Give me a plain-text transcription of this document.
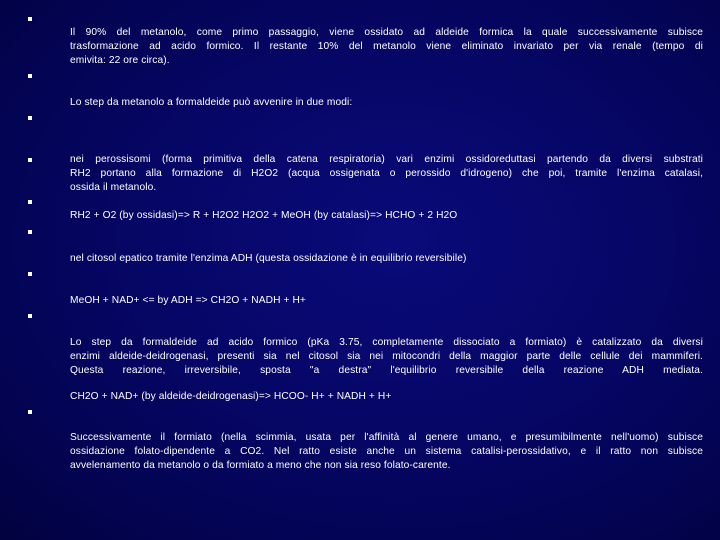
Il 90% del metanolo, come primo passaggio, viene ossidato ad aldeide formica la quale successivamente subisce
trasformazione ad acido formico. Il restante 10% del metanolo viene eliminato invariato per via renale (tempo di
emivita: 22 ore circa).
Lo step da metanolo a formaldeide può avvenire in due modi:
nei perossisomi (forma primitiva della catena respiratoria) vari enzimi ossidoreduttasi partendo da diversi substrati
RH2 portano alla formazione di H2O2 (acqua ossigenata o perossido d'idrogeno) che poi, tramite l'enzima catalasi,
ossida il metanolo.
RH2 + O2 (by ossidasi)=> R + H2O2 H2O2 + MeOH (by catalasi)=> HCHO + 2 H2O
nel citosol epatico tramite l'enzima ADH (questa ossidazione è in equilibrio reversibile)
MeOH + NAD+ <= by ADH => CH2O + NADH + H+
Lo step da formaldeide ad acido formico (pKa 3.75, completamente dissociato a formiato) è catalizzato da diversi
enzimi aldeide-deidrogenasi, presenti sia nel citosol sia nei mitocondri della maggior parte delle cellule dei mammiferi.
Questa reazione, irreversibile, sposta "a destra" l'equilibrio reversibile della reazione ADH mediata.
CH2O + NAD+ (by aldeide-deidrogenasi)=> HCOO- H+ + NADH + H+
Successivamente il formiato (nella scimmia, usata per l'affinità al genere umano, e presumibilmente nell'uomo) subisce
ossidazione folato-dipendente a CO2. Nel ratto esiste anche un sistema catalisi-perossidativo, e il ratto non subisce
avvelenamento da metanolo o da formiato a meno che non sia reso folato-carente.
